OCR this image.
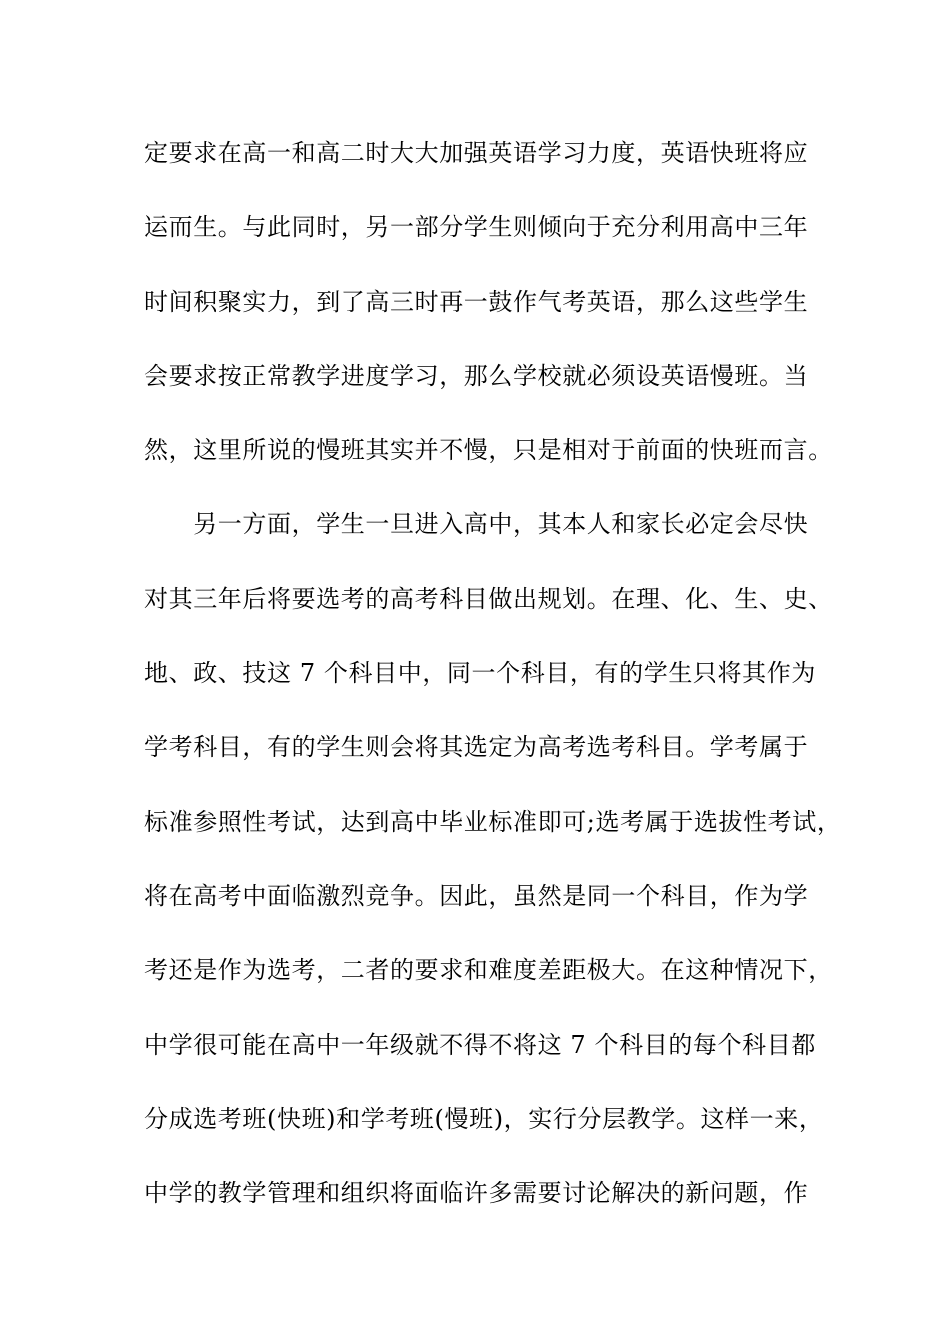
定要求在高一和高二时大大加强英语学习力度，英语快班将应
运而生。与此同时，另一部分学生则倾向于充分利用高中三年
时间积聚实力，到了高三时再一鼓作气考英语，那么这些学生
会要求按正常教学进度学习，那么学校就必须设英语慢班。当
然，这里所说的慢班其实并不慢，只是相对于前面的快班而言。
　　另一方面，学生一旦进入高中，其本人和家长必定会尽快
对其三年后将要选考的高考科目做出规划。在理、化、生、史、
地、政、技这 7 个科目中，同一个科目，有的学生只将其作为
学考科目，有的学生则会将其选定为高考选考科目。学考属于
标准参照性考试，达到高中毕业标准即可;选考属于选拔性考试，
将在高考中面临激烈竞争。因此，虽然是同一个科目，作为学
考还是作为选考，二者的要求和难度差距极大。在这种情况下，
中学很可能在高中一年级就不得不将这 7 个科目的每个科目都
分成选考班(快班)和学考班(慢班)，实行分层教学。这样一来，
中学的教学管理和组织将面临许多需要讨论解决的新问题，作
